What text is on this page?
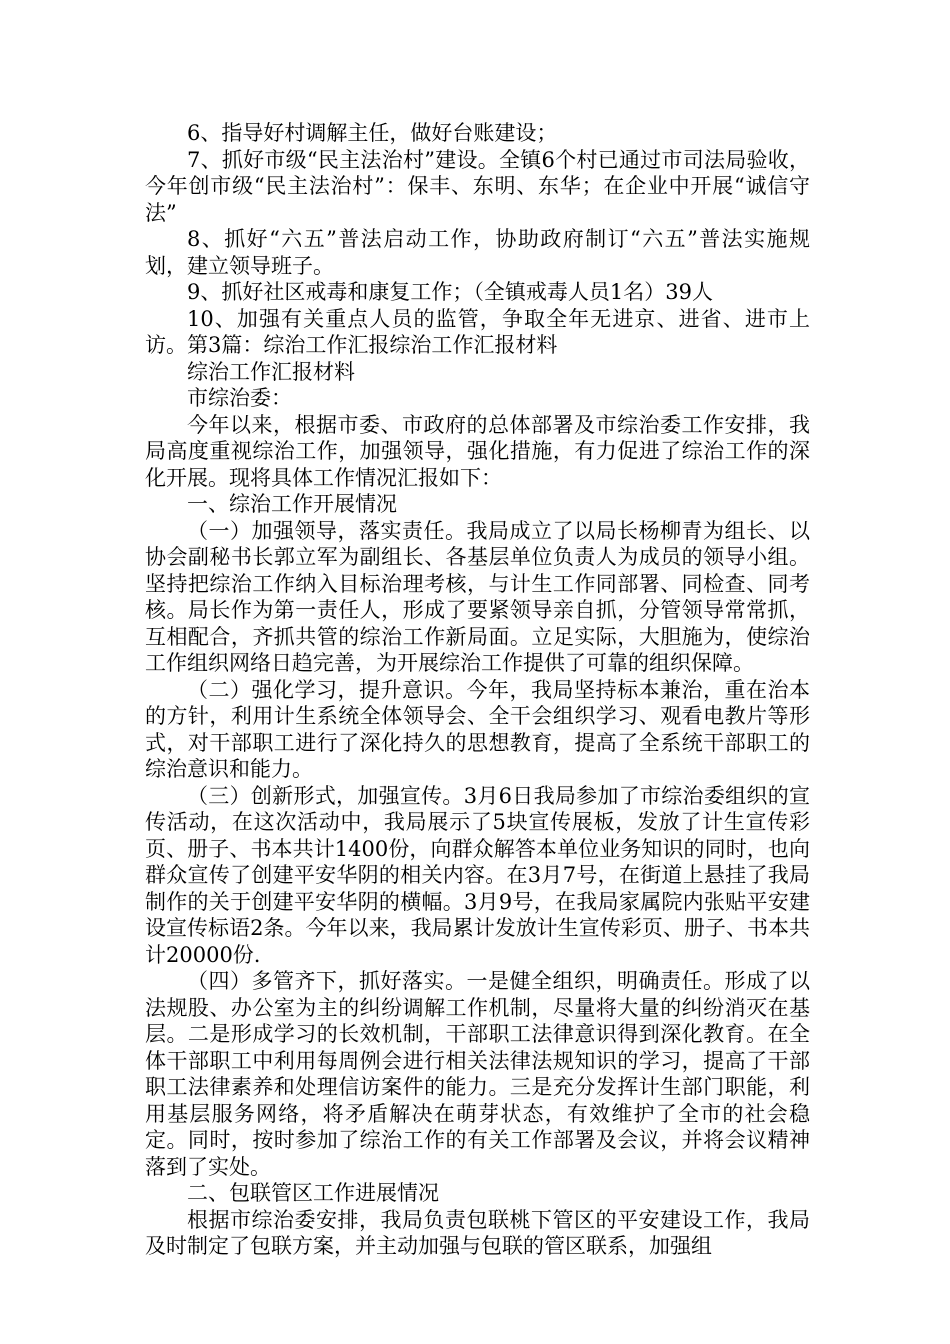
6、指导好村调解主任，做好台账建设；

7、抓好市级“民主法治村”建设。全镇6个村已通过市司法局验收，今年创市级“民主法治村”：保丰、东明、东华；在企业中开展“诚信守法”

8、抓好“六五”普法启动工作，协助政府制订“六五”普法实施规划，建立领导班子。

9、抓好社区戒毒和康复工作；（全镇戒毒人员1名）39人

10、加强有关重点人员的监管，争取全年无进京、进省、进市上访。第3篇：综治工作汇报综治工作汇报材料

综治工作汇报材料

市综治委：

今年以来，根据市委、市政府的总体部署及市综治委工作安排，我局高度重视综治工作，加强领导，强化措施，有力促进了综治工作的深化开展。现将具体工作情况汇报如下：

一、综治工作开展情况

（一）加强领导，落实责任。我局成立了以局长杨柳青为组长、以协会副秘书长郭立军为副组长、各基层单位负责人为成员的领导小组。坚持把综治工作纳入目标治理考核，与计生工作同部署、同检查、同考核。局长作为第一责任人，形成了要紧领导亲自抓，分管领导常常抓，互相配合，齐抓共管的综治工作新局面。立足实际，大胆施为，使综治工作组织网络日趋完善，为开展综治工作提供了可靠的组织保障。

（二）强化学习，提升意识。今年，我局坚持标本兼治，重在治本的方针，利用计生系统全体领导会、全干会组织学习、观看电教片等形式，对干部职工进行了深化持久的思想教育，提高了全系统干部职工的综治意识和能力。

（三）创新形式，加强宣传。3月6日我局参加了市综治委组织的宣传活动，在这次活动中，我局展示了5块宣传展板，发放了计生宣传彩页、册子、书本共计1400份，向群众解答本单位业务知识的同时，也向群众宣传了创建平安华阴的相关内容。在3月7号，在街道上悬挂了我局制作的关于创建平安华阴的横幅。3月9号，在我局家属院内张贴平安建设宣传标语2条。今年以来，我局累计发放计生宣传彩页、册子、书本共计20000份.

（四）多管齐下，抓好落实。一是健全组织，明确责任。形成了以法规股、办公室为主的纠纷调解工作机制，尽量将大量的纠纷消灭在基层。二是形成学习的长效机制，干部职工法律意识得到深化教育。在全体干部职工中利用每周例会进行相关法律法规知识的学习，提高了干部职工法律素养和处理信访案件的能力。三是充分发挥计生部门职能，利用基层服务网络，将矛盾解决在萌芽状态，有效维护了全市的社会稳定。同时，按时参加了综治工作的有关工作部署及会议，并将会议精神落到了实处。

二、包联管区工作进展情况

根据市综治委安排，我局负责包联桃下管区的平安建设工作，我局及时制定了包联方案，并主动加强与包联的管区联系，加强组
